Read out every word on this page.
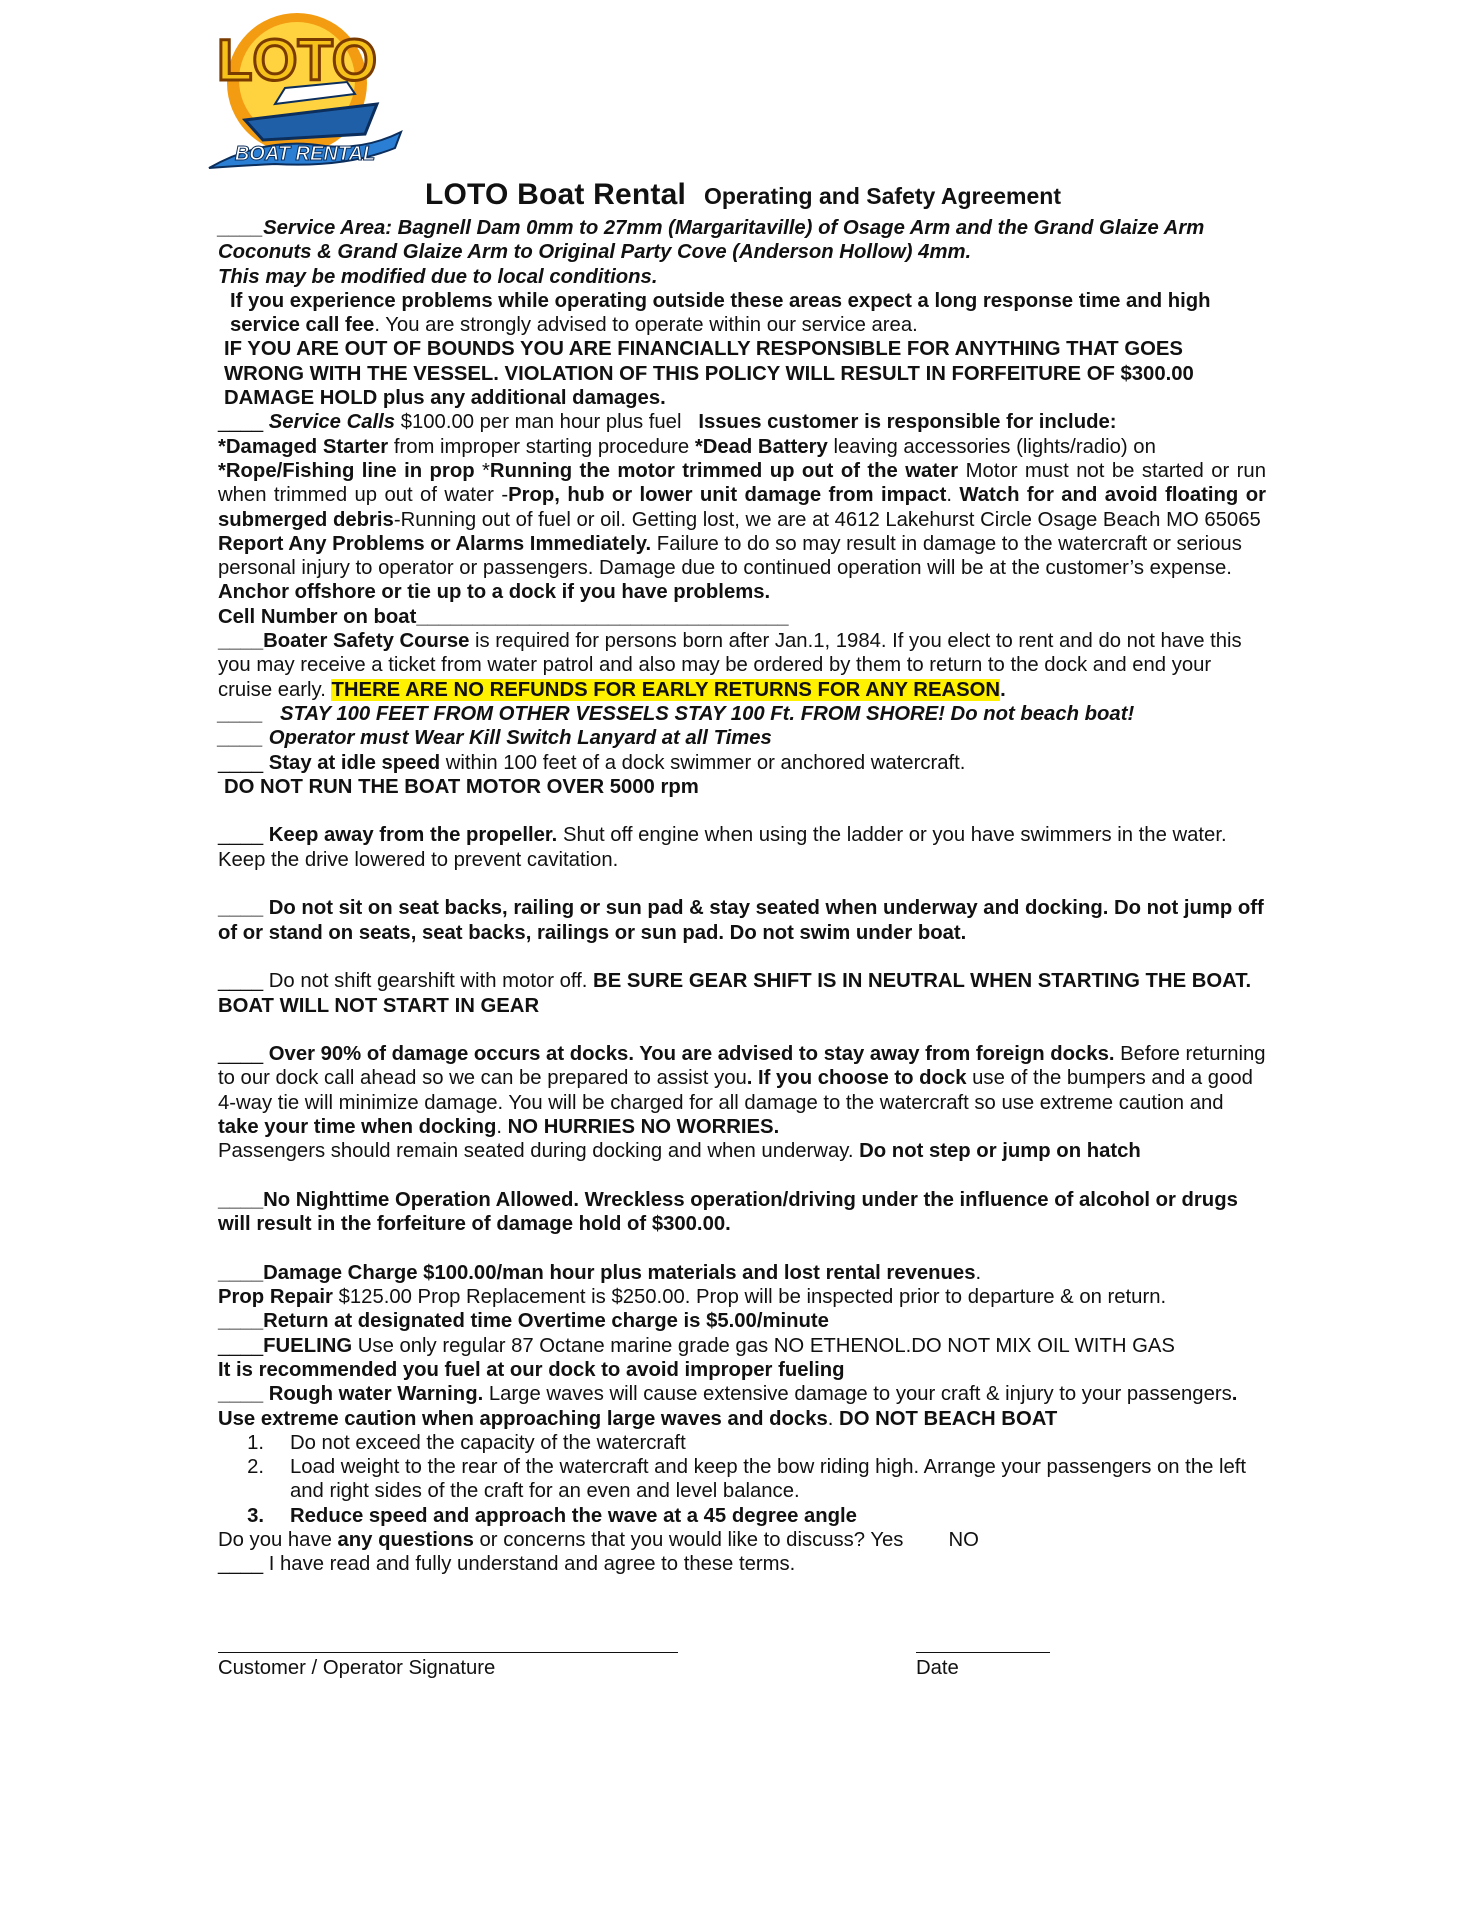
LOTO
BOAT RENTAL
LOTO Boat Rental Operating and Safety Agreement

____Service Area: Bagnell Dam 0mm to 27mm (Margaritaville) of Osage Arm and the Grand Glaize Arm Coconuts & Grand Glaize Arm to Original Party Cove (Anderson Hollow) 4mm.

This may be modified due to local conditions.

If you experience problems while operating outside these areas expect a long response time and high service call fee. You are strongly advised to operate within our service area.

IF YOU ARE OUT OF BOUNDS YOU ARE FINANCIALLY RESPONSIBLE FOR ANYTHING THAT GOES WRONG WITH THE VESSEL. VIOLATION OF THIS POLICY WILL RESULT IN FORFEITURE OF $300.00 DAMAGE HOLD plus any additional damages.

____ Service Calls $100.00 per man hour plus fuel Issues customer is responsible for include:
*Damaged Starter from improper starting procedure *Dead Battery leaving accessories (lights/radio) on
*Rope/Fishing line in prop *Running the motor trimmed up out of the water Motor must not be started or run when trimmed up out of water -Prop, hub or lower unit damage from impact. Watch for and avoid floating or submerged debris-Running out of fuel or oil. Getting lost, we are at 4612 Lakehurst Circle Osage Beach MO 65065

Report Any Problems or Alarms Immediately. Failure to do so may result in damage to the watercraft or serious personal injury to operator or passengers. Damage due to continued operation will be at the customer’s expense. Anchor offshore or tie up to a dock if you have problems.

Cell Number on boat_________________________________

____Boater Safety Course is required for persons born after Jan.1, 1984. If you elect to rent and do not have this you may receive a ticket from water patrol and also may be ordered by them to return to the dock and end your cruise early. THERE ARE NO REFUNDS FOR EARLY RETURNS FOR ANY REASON.

____ STAY 100 FEET FROM OTHER VESSELS STAY 100 Ft. FROM SHORE! Do not beach boat!

____ Operator must Wear Kill Switch Lanyard at all Times

____ Stay at idle speed within 100 feet of a dock swimmer or anchored watercraft.

DO NOT RUN THE BOAT MOTOR OVER 5000 rpm

____ Keep away from the propeller. Shut off engine when using the ladder or you have swimmers in the water. Keep the drive lowered to prevent cavitation.

____ Do not sit on seat backs, railing or sun pad & stay seated when underway and docking. Do not jump off of or stand on seats, seat backs, railings or sun pad. Do not swim under boat.

____ Do not shift gearshift with motor off. BE SURE GEAR SHIFT IS IN NEUTRAL WHEN STARTING THE BOAT. BOAT WILL NOT START IN GEAR

____ Over 90% of damage occurs at docks. You are advised to stay away from foreign docks. Before returning to our dock call ahead so we can be prepared to assist you. If you choose to dock use of the bumpers and a good 4-way tie will minimize damage. You will be charged for all damage to the watercraft so use extreme caution and take your time when docking. NO HURRIES NO WORRIES.

Passengers should remain seated during docking and when underway. Do not step or jump on hatch

____No Nighttime Operation Allowed. Wreckless operation/driving under the influence of alcohol or drugs will result in the forfeiture of damage hold of $300.00.

____Damage Charge $100.00/man hour plus materials and lost rental revenues.

Prop Repair $125.00 Prop Replacement is $250.00. Prop will be inspected prior to departure & on return.

____Return at designated time Overtime charge is $5.00/minute

____FUELING Use only regular 87 Octane marine grade gas NO ETHENOL.DO NOT MIX OIL WITH GAS

It is recommended you fuel at our dock to avoid improper fueling

____ Rough water Warning. Large waves will cause extensive damage to your craft & injury to your passengers. Use extreme caution when approaching large waves and docks. DO NOT BEACH BOAT

1.	Do not exceed the capacity of the watercraft
2.	Load weight to the rear of the watercraft and keep the bow riding high. Arrange your passengers on the left and right sides of the craft for an even and level balance.
3.	Reduce speed and approach the wave at a 45 degree angle

Do you have any questions or concerns that you would like to discuss? Yes        NO

____ I have read and fully understand and agree to these terms.

Customer / Operator Signature	Date
